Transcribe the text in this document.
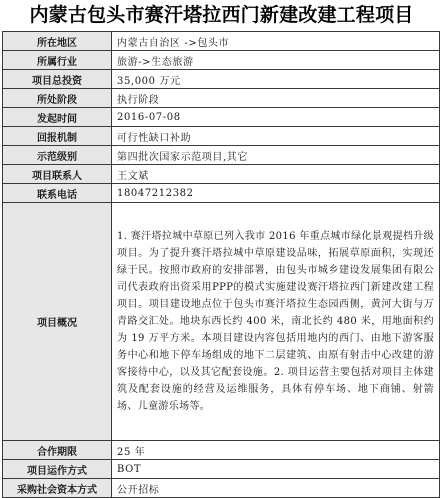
内蒙古包头市赛汗塔拉西门新建改建工程项目
所在地区	内蒙古自治区 ->包头市
所属行业	旅游->生态旅游
项目总投资	35,000 万元
所处阶段	执行阶段
发起时间	2016-07-08
回报机制	可行性缺口补助
示范级别	第四批次国家示范项目,其它
项目联系人	王文斌
联系电话	18047212382
项目概况	1. 赛汗塔拉城中草原已列入我市 2016 年重点城市绿化景观提档升级项目。为了提升赛汗塔拉城中草原建设品味，拓展草原面积，实现还绿于民。按照市政府的安排部署，由包头市城乡建设发展集团有限公司代表政府出资采用PPP的模式实施建设赛汗塔拉西门新建改建工程项目。项目建设地点位于包头市赛汗塔拉生态园西侧，黄河大街与万青路交汇处。地块东西长约 400 米，南北长约 480 米，用地面积约为 19 万平方米。本项目建设内容包括用地内的西门、由地下游客服务中心和地下停车场组成的地下二层建筑、由原有射击中心改建的游客接待中心，以及其它配套设施。2. 项目运营主要包括对项目主体建筑及配套设施的经营及运维服务，具体有停车场、地下商铺、射箭场、儿童游乐场等。
合作期限	25 年
项目运作方式	BOT
采购社会资本方式	公开招标
